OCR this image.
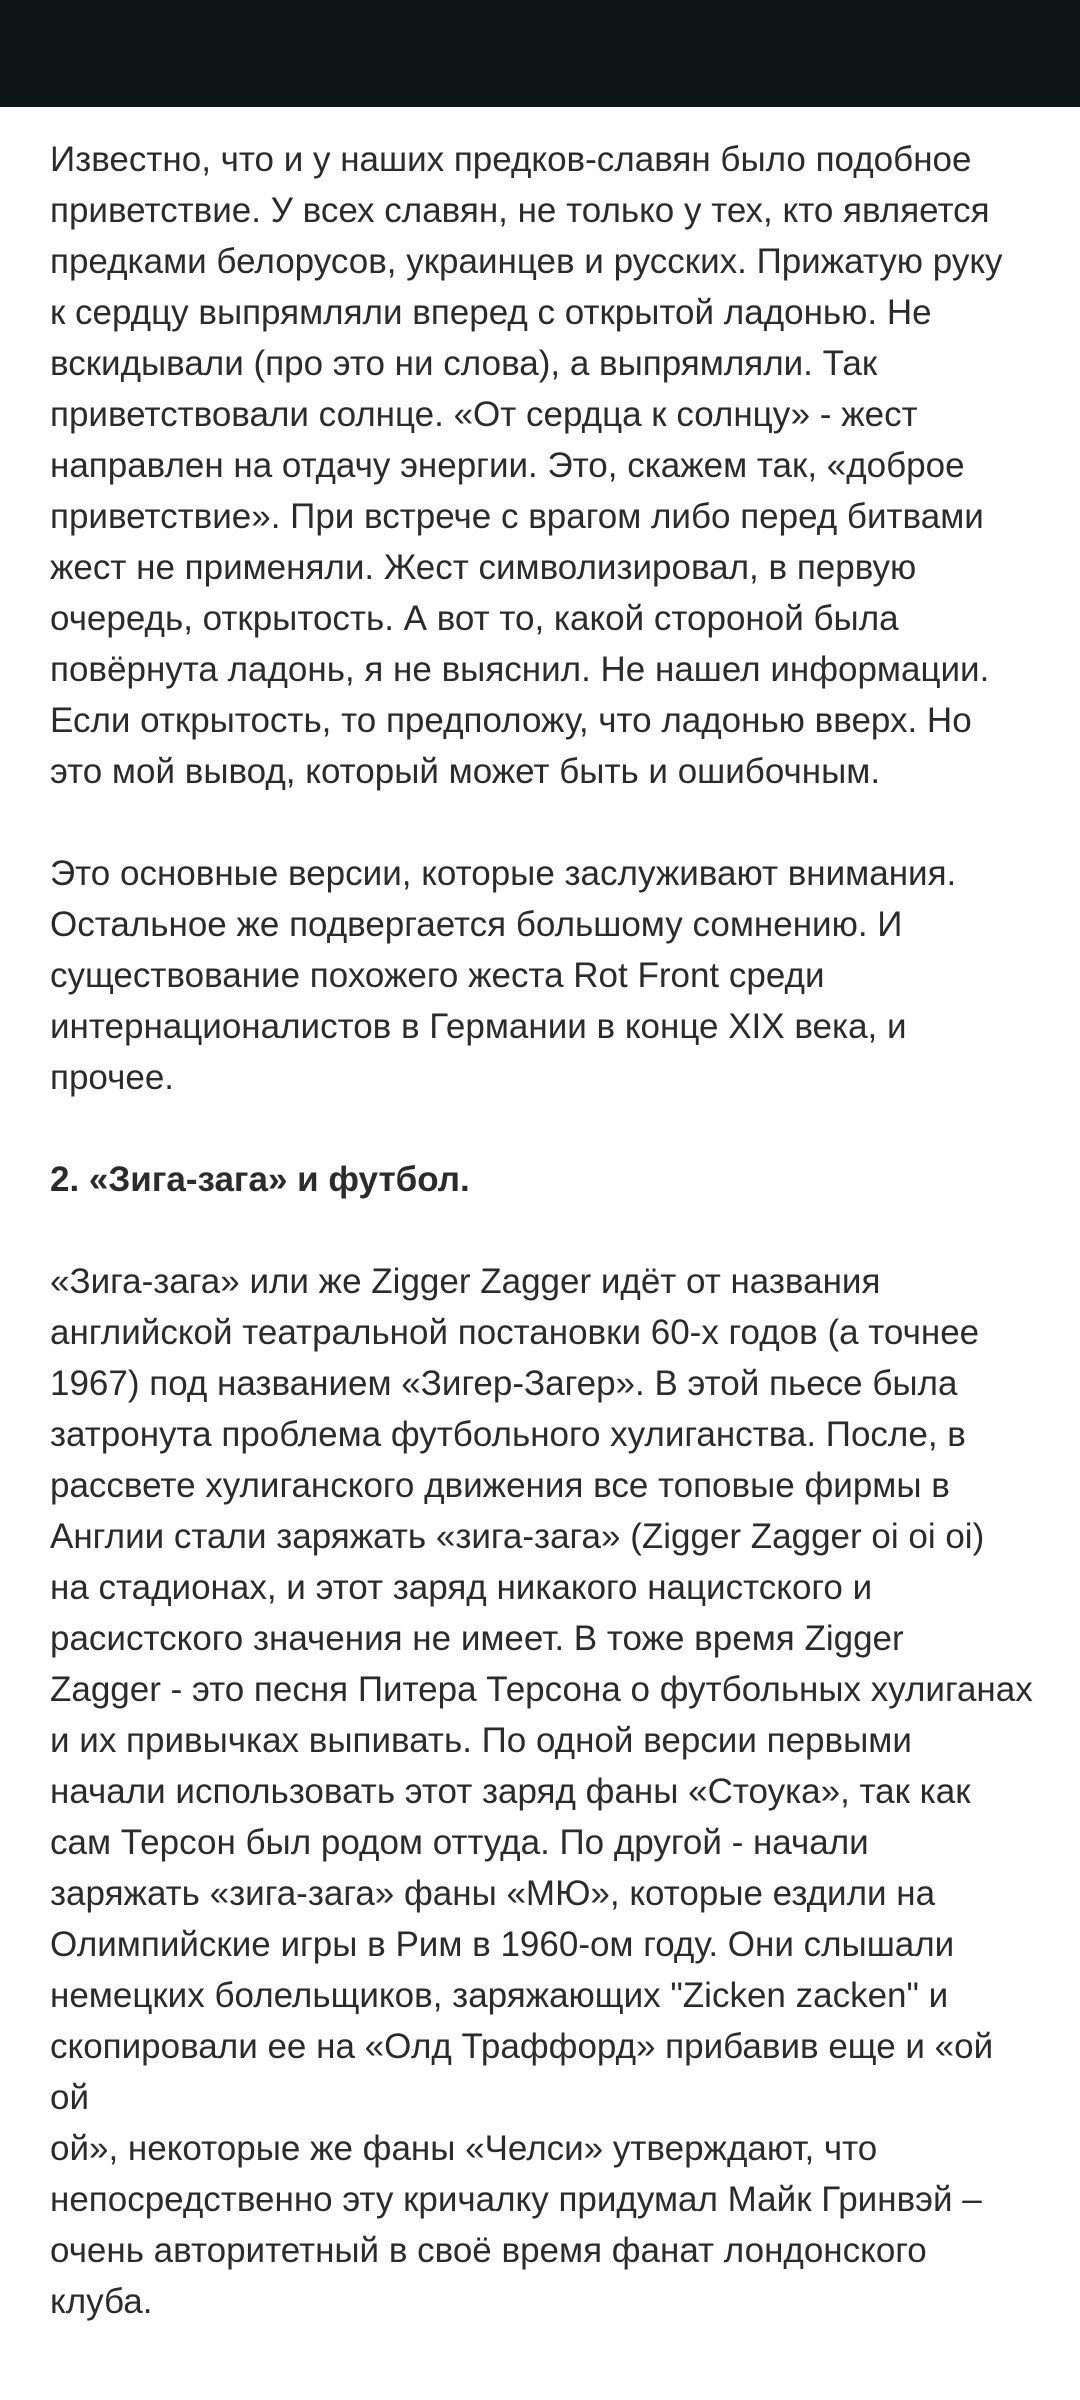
Известно, что и у наших предков-славян было подобное
приветствие. У всех славян, не только у тех, кто является
предками белорусов, украинцев и русских. Прижатую руку
к сердцу выпрямляли вперед с открытой ладонью. Не
вскидывали (про это ни слова), а выпрямляли. Так
приветствовали солнце. «От сердца к солнцу» - жест
направлен на отдачу энергии. Это, скажем так, «доброе
приветствие». При встрече с врагом либо перед битвами
жест не применяли. Жест символизировал, в первую
очередь, открытость. А вот то, какой стороной была
повёрнута ладонь, я не выяснил. Не нашел информации.
Если открытость, то предположу, что ладонью вверх. Но
это мой вывод, который может быть и ошибочным.

Это основные версии, которые заслуживают внимания.
Остальное же подвергается большому сомнению. И
существование похожего жеста Rot Front среди
интернационалистов в Германии в конце XIX века, и
прочее.

2. «Зига-зага» и футбол.

«Зига-зага» или же Zigger Zagger идёт от названия
английской театральной постановки 60-х годов (а точнее
1967) под названием «Зигер-Загер». В этой пьесе была
затронута проблема футбольного хулиганства. После, в
рассвете хулиганского движения все топовые фирмы в
Англии стали заряжать «зига-зага» (Zigger Zagger oi oi oi)
на стадионах, и этот заряд никакого нацистского и
расистского значения не имеет. В тоже время Zigger
Zagger - это песня Питера Терсона о футбольных хулиганах
и их привычках выпивать. По одной версии первыми
начали использовать этот заряд фаны «Стоука», так как
сам Терсон был родом оттуда. По другой - начали
заряжать «зига-зага» фаны «МЮ», которые ездили на
Олимпийские игры в Рим в 1960-ом году. Они слышали
немецких болельщиков, заряжающих "Zicken zacken" и
скопировали ее на «Олд Траффорд» прибавив еще и «ой ой
ой», некоторые же фаны «Челси» утверждают, что
непосредственно эту кричалку придумал Майк Гринвэй –
очень авторитетный в своё время фанат лондонского
клуба.
